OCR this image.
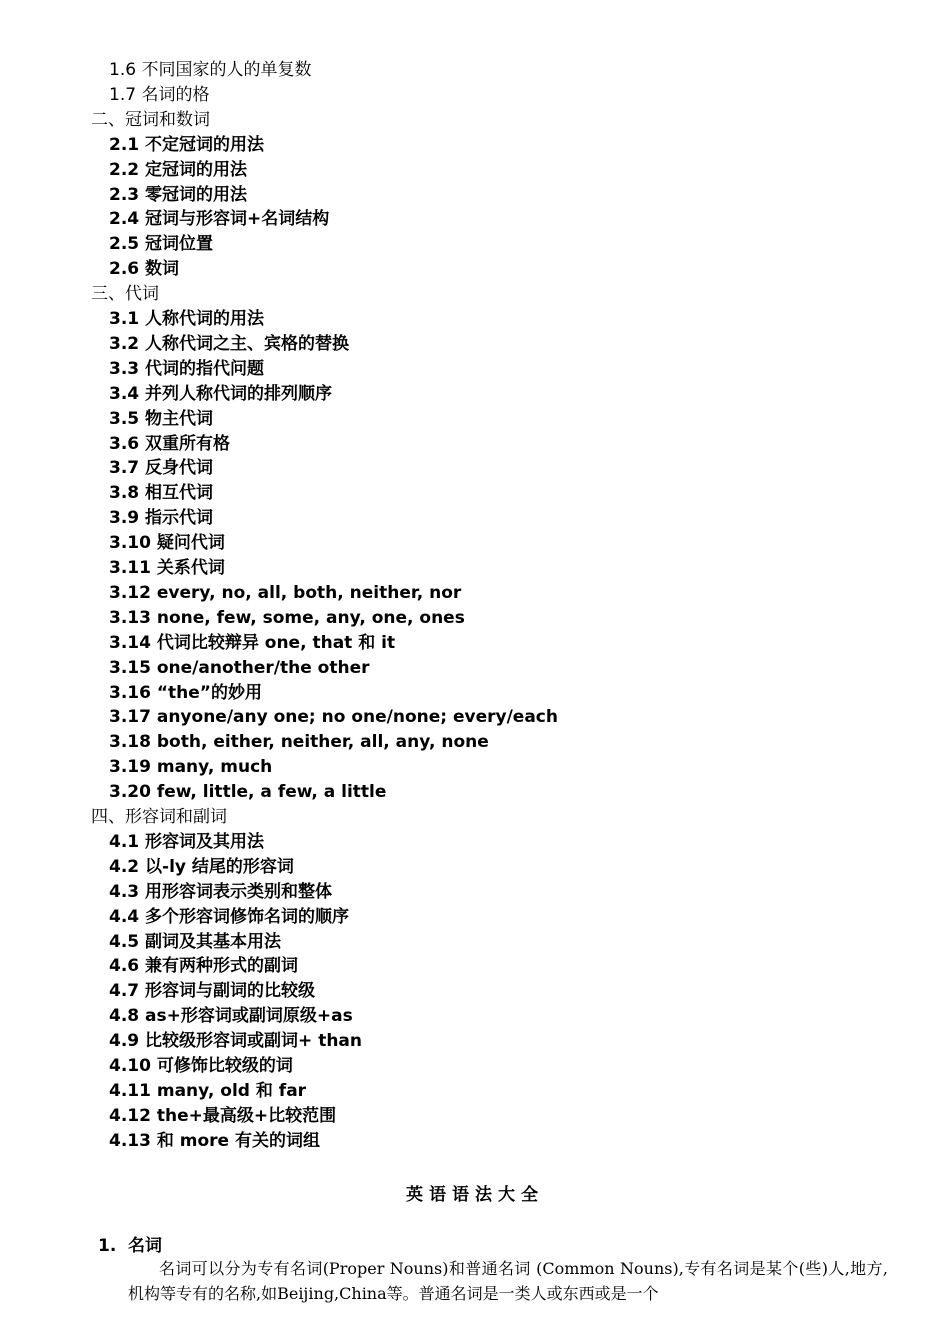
1.6 不同国家的人的单复数
1.7 名词的格
二、冠词和数词
2.1 不定冠词的用法
2.2 定冠词的用法
2.3 零冠词的用法
2.4 冠词与形容词+名词结构
2.5 冠词位置
2.6 数词
三、代词
3.1 人称代词的用法
3.2 人称代词之主、宾格的替换
3.3 代词的指代问题
3.4 并列人称代词的排列顺序
3.5 物主代词
3.6 双重所有格
3.7 反身代词
3.8 相互代词
3.9 指示代词
3.10 疑问代词
3.11 关系代词
3.12 every, no, all, both, neither, nor
3.13 none, few, some, any, one, ones
3.14 代词比较辩异 one, that 和 it
3.15 one/another/the other
3.16 “the”的妙用
3.17 anyone/any one; no one/none; every/each
3.18 both, either, neither, all, any, none
3.19 many, much
3.20 few, little, a few, a little
四、形容词和副词
4.1 形容词及其用法
4.2 以-ly 结尾的形容词
4.3 用形容词表示类别和整体
4.4 多个形容词修饰名词的顺序
4.5 副词及其基本用法
4.6 兼有两种形式的副词
4.7 形容词与副词的比较级
4.8 as+形容词或副词原级+as
4.9 比较级形容词或副词+ than
4.10 可修饰比较级的词
4.11 many, old 和 far
4.12 the+最高级+比较范围
4.13 和 more 有关的词组
英语语法大全
1. 名词
名词可以分为专有名词(Proper Nouns)和普通名词 (Common Nouns),专有名词是某个(些)人,地方,机构等专有的名称,如Beijing,China等。普通名词是一类人或东西或是一个
